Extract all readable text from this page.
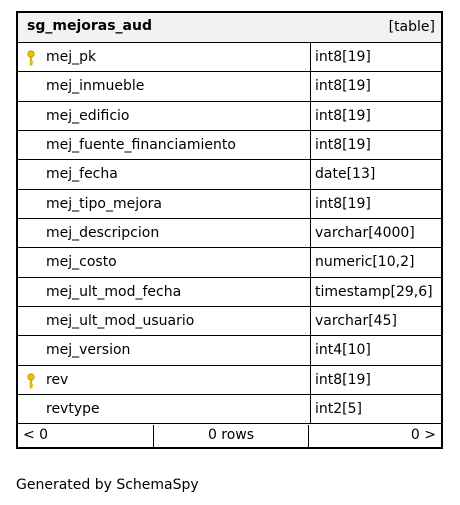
sg_mejoras_aud	[table]
mej_pk	int8[19]
mej_inmueble	int8[19]
mej_edificio	int8[19]
mej_fuente_financiamiento	int8[19]
mej_fecha	date[13]
mej_tipo_mejora	int8[19]
mej_descripcion	varchar[4000]
mej_costo	numeric[10,2]
mej_ult_mod_fecha	timestamp[29,6]
mej_ult_mod_usuario	varchar[45]
mej_version	int4[10]
rev	int8[19]
revtype	int2[5]
< 0	0 rows	0 >
Generated by SchemaSpy
